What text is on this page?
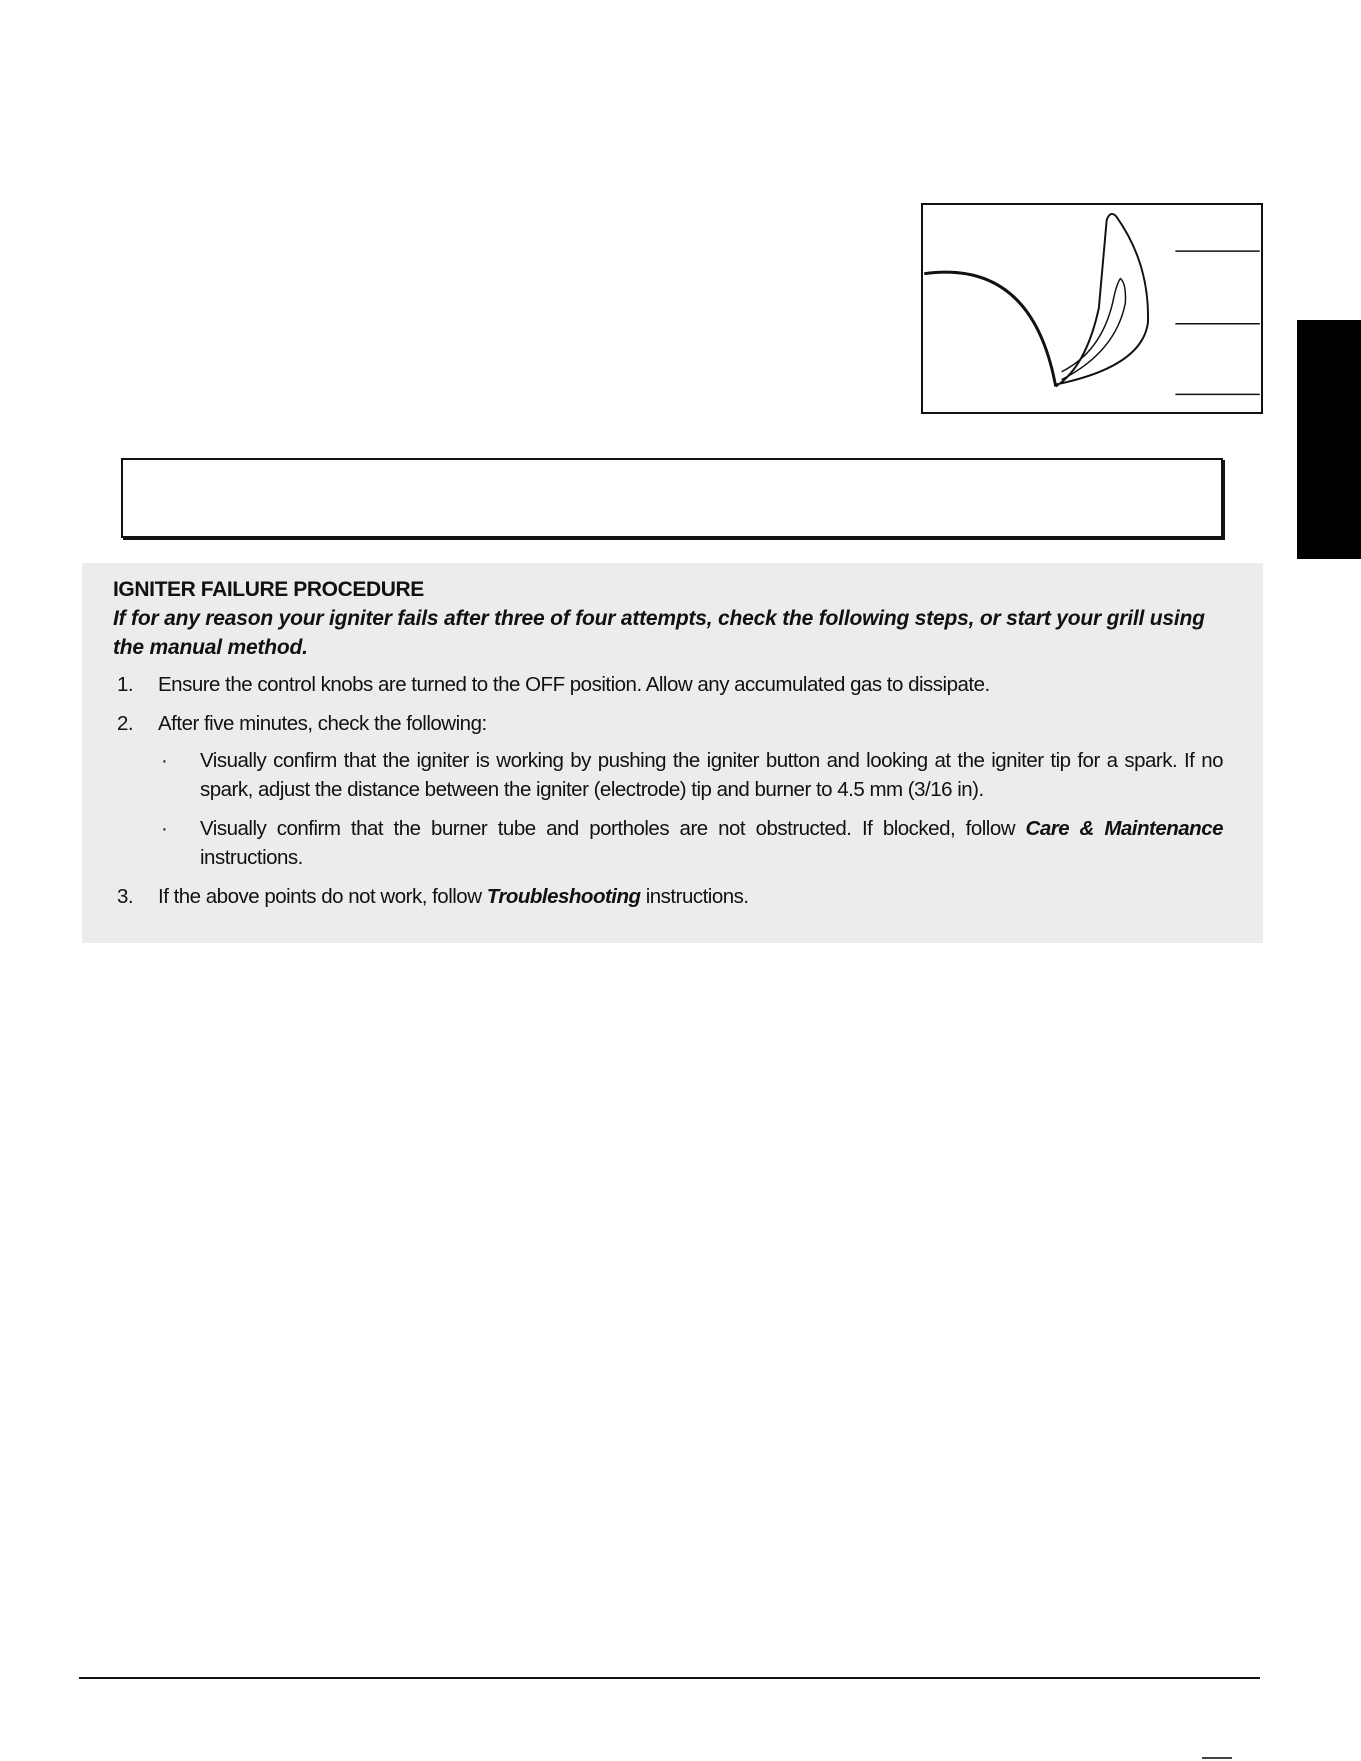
IGNITER FAILURE PROCEDURE

If for any reason your igniter fails after three of four attempts, check the following steps, or start your grill using the manual method.

1. Ensure the control knobs are turned to the OFF position. Allow any accumulated gas to dissipate.
2. After five minutes, check the following:
· Visually confirm that the igniter is working by pushing the igniter button and looking at the igniter tip for a spark. If no spark, adjust the distance between the igniter (electrode) tip and burner to 4.5 mm (3/16 in).
· Visually confirm that the burner tube and portholes are not obstructed. If blocked, follow Care & Maintenance instructions.
3. If the above points do not work, follow Troubleshooting instructions.
